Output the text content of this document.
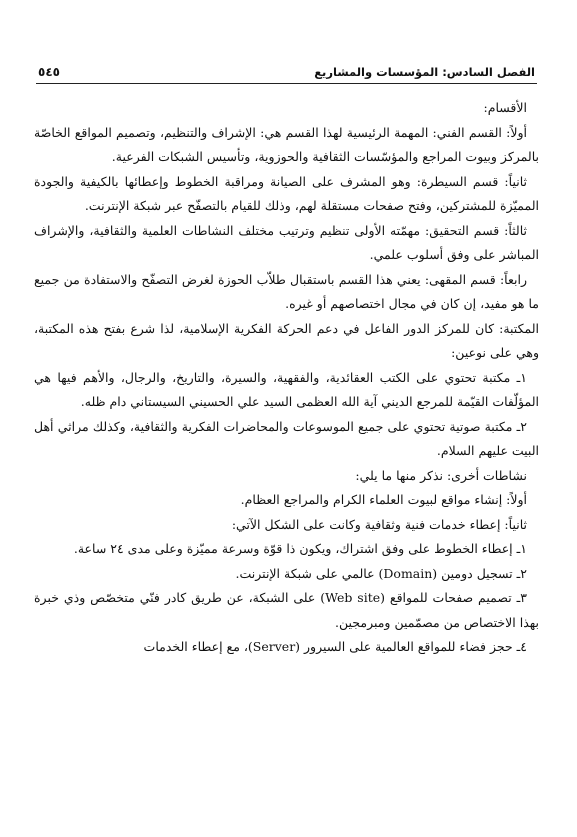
الفصل السادس: المؤسسات والمشاريع
٥٤٥

الأقسام:

أولاً: القسم الفني: المهمة الرئيسية لهذا القسم هي: الإشراف والتنظيم، وتصميم المواقع الخاصّة بالمركز وبيوت المراجع والمؤسّسات الثقافية والحوزوية، وتأسيس الشبكات الفرعية.

ثانياً: قسم السيطرة: وهو المشرف على الصيانة ومراقبة الخطوط وإعطائها بالكيفية والجودة المميّزة للمشتركين، وفتح صفحات مستقلة لهم، وذلك للقيام بالتصفّح عبر شبكة الإنترنت.

ثالثاً: قسم التحقيق: مهمّته الأولى تنظيم وترتيب مختلف النشاطات العلمية والثقافية، والإشراف المباشر على وفق أسلوب علمي.

رابعاً: قسم المقهى: يعني هذا القسم باستقبال طلاّب الحوزة لغرض التصفّح والاستفادة من جميع ما هو مفيد، إن كان في مجال اختصاصهم أو غيره.

المكتبة: كان للمركز الدور الفاعل في دعم الحركة الفكرية الإسلامية، لذا شرع بفتح هذه المكتبة، وهي على نوعين:

١ـ مكتبة تحتوي على الكتب العقائدية، والفقهية، والسيرة، والتاريخ، والرجال، والأهم فيها هي المؤلّفات القيّمة للمرجع الديني آية الله العظمى السيد علي الحسيني السيستاني دام ظله.

٢ـ مكتبة صوتية تحتوي على جميع الموسوعات والمحاضرات الفكرية والثقافية، وكذلك مراثي أهل البيت عليهم السلام.

نشاطات أخرى: نذكر منها ما يلي:

أولاً: إنشاء مواقع لبيوت العلماء الكرام والمراجع العظام.

ثانياً: إعطاء خدمات فنية وثقافية وكانت على الشكل الآتي:

١ـ إعطاء الخطوط على وفق اشتراك، ويكون ذا قوّة وسرعة مميّزة وعلى مدى ٢٤ ساعة.

٢ـ تسجيل دومين (Domain) عالمي على شبكة الإنترنت.

٣ـ تصميم صفحات للمواقع (Web site) على الشبكة، عن طريق كادر فنّي متخصّص وذي خبرة بهذا الاختصاص من مصمّمين ومبرمجين.

٤ـ حجز فضاء للمواقع العالمية على السيرور (Server)، مع إعطاء الخدمات
